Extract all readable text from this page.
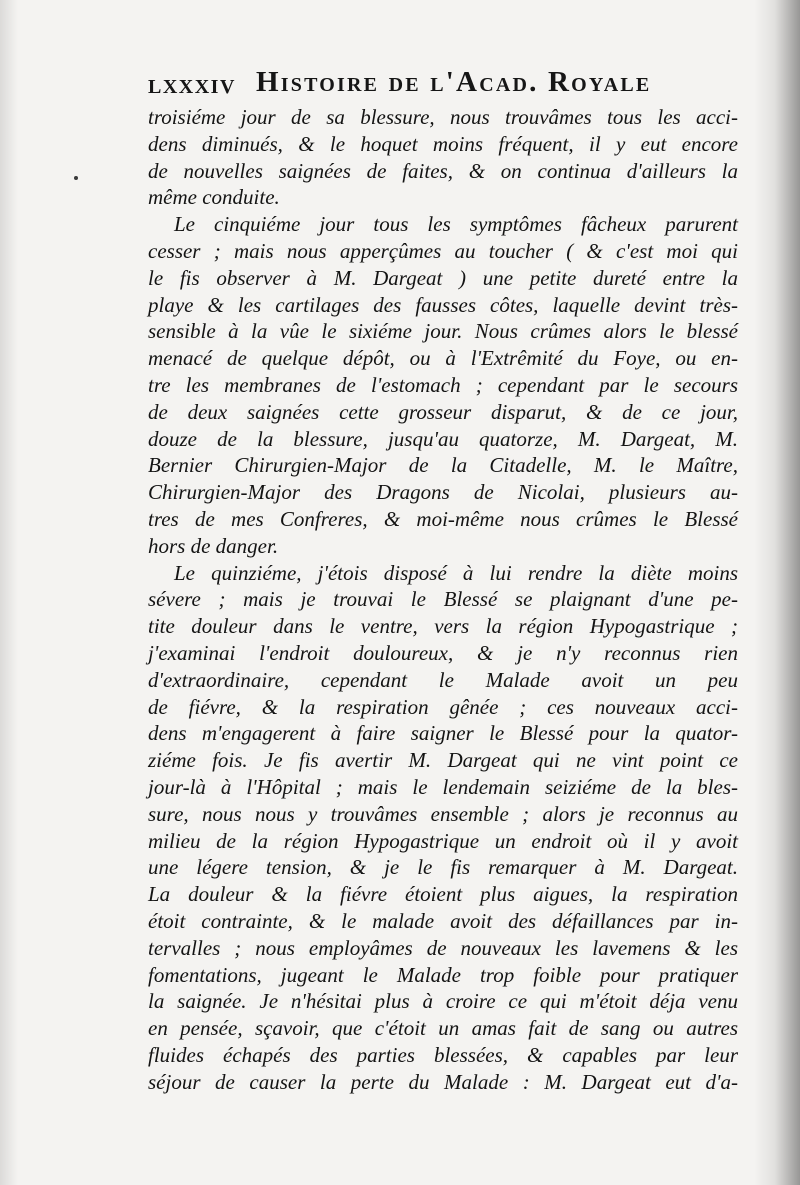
LXXXIV Histoire de l'Acad. Royale
troisiéme jour de sa blessure, nous trouvâmes tous les acci-
dens diminués, & le hoquet moins fréquent, il y eut encore
de nouvelles saignées de faites, & on continua d'ailleurs la
même conduite.
Le cinquiéme jour tous les symptômes fâcheux parurent
cesser ; mais nous apperçûmes au toucher ( & c'est moi qui
le fis observer à M. Dargeat ) une petite dureté entre la
playe & les cartilages des fausses côtes, laquelle devint très-
sensible à la vûe le sixiéme jour. Nous crûmes alors le blessé
menacé de quelque dépôt, ou à l'Extrêmité du Foye, ou en-
tre les membranes de l'estomach ; cependant par le secours
de deux saignées cette grosseur disparut, & de ce jour,
douze de la blessure, jusqu'au quatorze, M. Dargeat, M.
Bernier Chirurgien-Major de la Citadelle, M. le Maître,
Chirurgien-Major des Dragons de Nicolai, plusieurs au-
tres de mes Confreres, & moi-même nous crûmes le Blessé
hors de danger.
Le quinziéme, j'étois disposé à lui rendre la diète moins
sévere ; mais je trouvai le Blessé se plaignant d'une pe-
tite douleur dans le ventre, vers la région Hypogastrique ;
j'examinai l'endroit douloureux, & je n'y reconnus rien
d'extraordinaire, cependant le Malade avoit un peu
de fiévre, & la respiration gênée ; ces nouveaux acci-
dens m'engagerent à faire saigner le Blessé pour la quator-
ziéme fois. Je fis avertir M. Dargeat qui ne vint point ce
jour-là à l'Hôpital ; mais le lendemain seiziéme de la bles-
sure, nous nous y trouvâmes ensemble ; alors je reconnus au
milieu de la région Hypogastrique un endroit où il y avoit
une légere tension, & je le fis remarquer à M. Dargeat.
La douleur & la fiévre étoient plus aigues, la respiration
étoit contrainte, & le malade avoit des défaillances par in-
tervalles ; nous employâmes de nouveaux les lavemens & les
fomentations, jugeant le Malade trop foible pour pratiquer
la saignée. Je n'hésitai plus à croire ce qui m'étoit déja venu
en pensée, sçavoir, que c'étoit un amas fait de sang ou autres
fluides échapés des parties blessées, & capables par leur
séjour de causer la perte du Malade : M. Dargeat eut d'a-
